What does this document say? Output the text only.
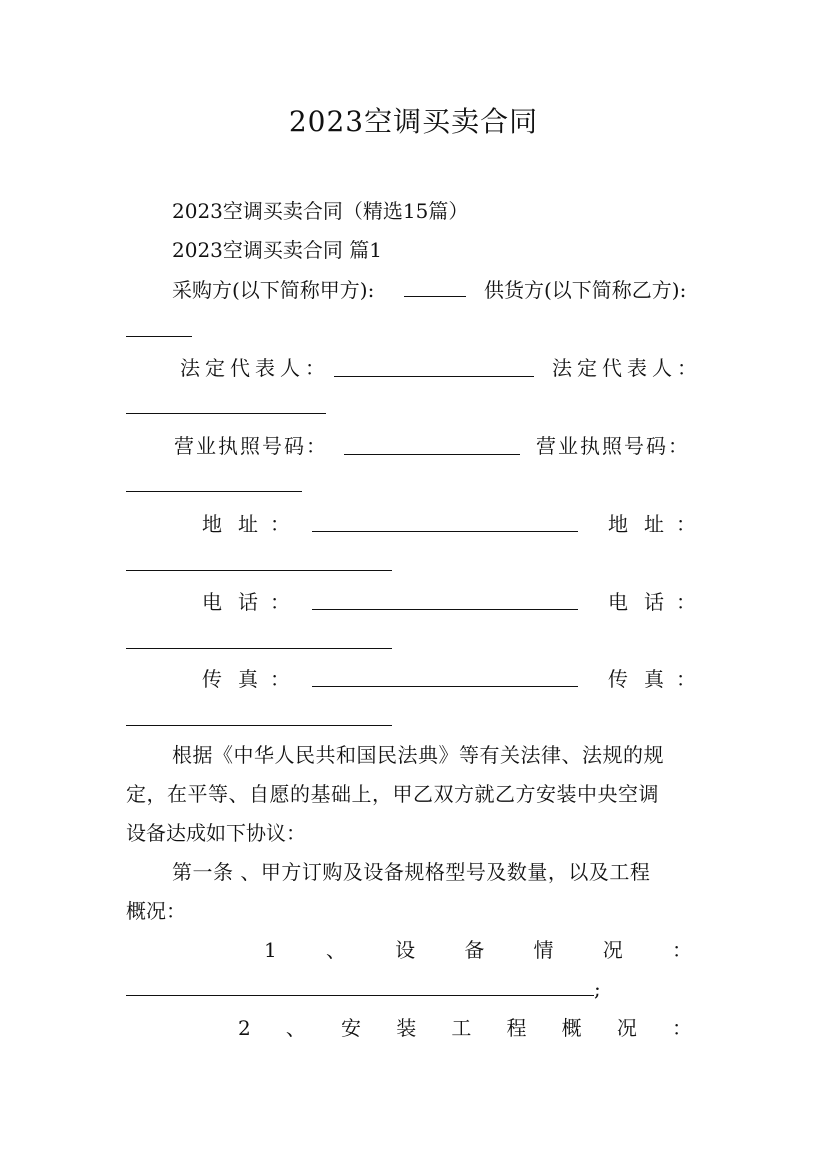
2023空调买卖合同
2023空调买卖合同（精选15篇）
2023空调买卖合同 篇1
采购方(以下简称甲方):	供货方(以下简称乙方):
法定代表人：	法定代表人：
营业执照号码：	营业执照号码：
地 址 ：	地 址 ：
电 话 ：	电 话 ：
传 真 ：	传 真 ：
根据《中华人民共和国民法典》等有关法律、法规的规
定，在平等、自愿的基础上，甲乙双方就乙方安装中央空调
设备达成如下协议：
第一条 、甲方订购及设备规格型号及数量，以及工程
概况：
1 、 设 备 情 况 ：
;
2 、 安 装 工 程 概 况 ：
